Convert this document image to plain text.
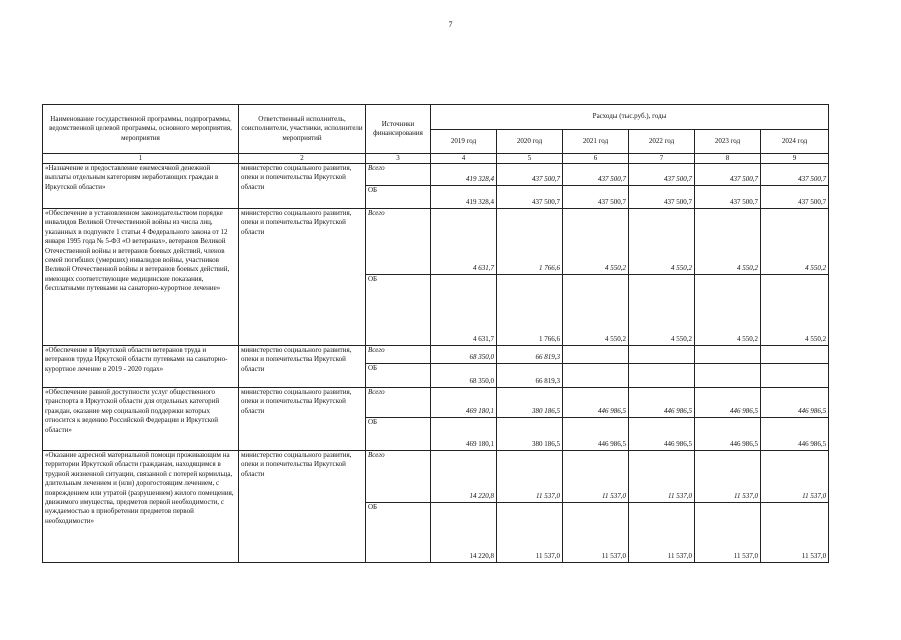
7
Наименование государственной программы, подпрограммы, ведомственной целевой программы, основного мероприятия, мероприятия	Ответственный исполнитель, соисполнители, участники, исполнители мероприятий	Источники финансирования	Расходы (тыс.руб.), годы					
			2019 год	2020 год	2021 год	2022 год	2023 год	2024 год
1	2	3	4	5	6	7	8	9
«Назначение и предоставление ежемесячной денежной выплаты отдельным категориям неработающих граждан в Иркутской области»	министерство социального развития, опеки и попечительства Иркутской области	Всего	419 328,4	437 500,7	437 500,7	437 500,7	437 500,7	437 500,7
		ОБ	419 328,4	437 500,7	437 500,7	437 500,7	437 500,7	437 500,7
«Обеспечение в установленном законодательством порядке инвалидов Великой Отечественной войны из числа лиц, указанных в подпункте 1 статьи 4 Федерального закона от 12 января 1995 года № 5-ФЗ «О ветеранах», ветеранов Великой Отечественной войны и ветеранов боевых действий, членов семей погибших (умерших) инвалидов войны, участников Великой Отечественной войны и ветеранов боевых действий, имеющих соответствующие медицинские показания, бесплатными путевками на санаторно-курортное лечение»	министерство социального развития, опеки и попечительства Иркутской области	Всего	4 631,7	1 766,6	4 550,2	4 550,2	4 550,2	4 550,2
		ОБ	4 631,7	1 766,6	4 550,2	4 550,2	4 550,2	4 550,2
«Обеспечение в Иркутской области ветеранов труда и ветеранов труда Иркутской области путевками на санаторно-курортное лечение в 2019 - 2020 годах»	министерство социального развития, опеки и попечительства Иркутской области	Всего	68 350,0	66 819,3				
		ОБ	68 350,0	66 819,3				
«Обеспечение равной доступности услуг общественного транспорта в Иркутской области для отдельных категорий граждан, оказание мер социальной поддержки которых относится к ведению Российской Федерации и Иркутской области»	министерство социального развития, опеки и попечительства Иркутской области	Всего	469 180,1	380 186,5	446 986,5	446 986,5	446 986,5	446 986,5
		ОБ	469 180,1	380 186,5	446 986,5	446 986,5	446 986,5	446 986,5
«Оказание адресной материальной помощи проживающим на территории Иркутской области гражданам, находящимся в трудной жизненной ситуации, связанной с потерей кормильца, длительным лечением и (или) дорогостоящим лечением, с повреждением или утратой (разрушением) жилого помещения, движимого имущества, предметов первой необходимости, с нуждаемостью в приобретении предметов первой необходимости»	министерство социального развития, опеки и попечительства Иркутской области	Всего	14 220,8	11 537,0	11 537,0	11 537,0	11 537,0	11 537,0
		ОБ	14 220,8	11 537,0	11 537,0	11 537,0	11 537,0	11 537,0
